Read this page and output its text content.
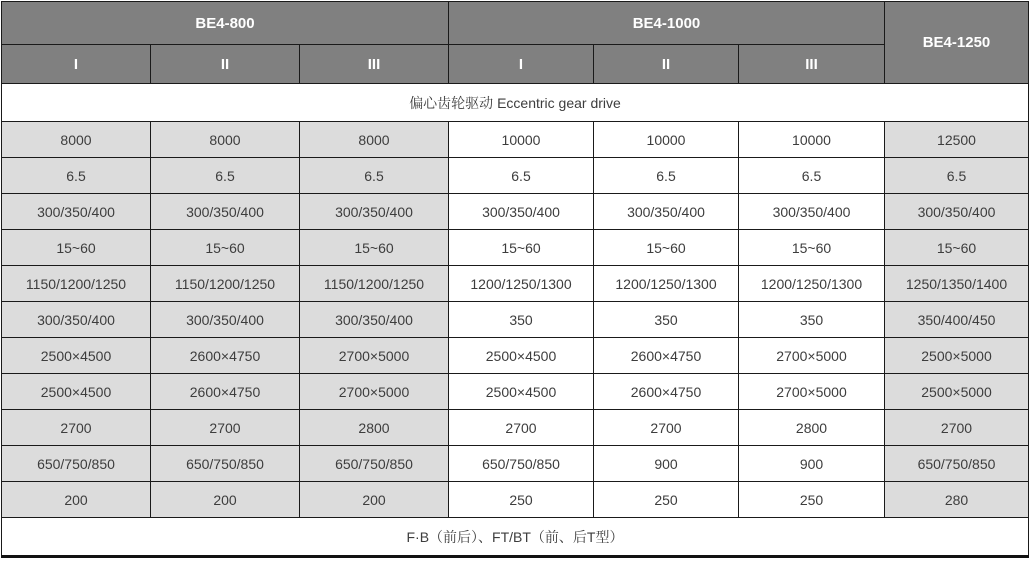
BE4-800			BE4-1000			BE4-1250
I	II	III	I	II	III	
偏心齿轮驱动 Eccentric gear drive						
8000	8000	8000	10000	10000	10000	12500
6.5	6.5	6.5	6.5	6.5	6.5	6.5
300/350/400	300/350/400	300/350/400	300/350/400	300/350/400	300/350/400	300/350/400
15~60	15~60	15~60	15~60	15~60	15~60	15~60
1150/1200/1250	1150/1200/1250	1150/1200/1250	1200/1250/1300	1200/1250/1300	1200/1250/1300	1250/1350/1400
300/350/400	300/350/400	300/350/400	350	350	350	350/400/450
2500×4500	2600×4750	2700×5000	2500×4500	2600×4750	2700×5000	2500×5000
2500×4500	2600×4750	2700×5000	2500×4500	2600×4750	2700×5000	2500×5000
2700	2700	2800	2700	2700	2800	2700
650/750/850	650/750/850	650/750/850	650/750/850	900	900	650/750/850
200	200	200	250	250	250	280
F·B（前后）、FT/BT（前、后T型）						
